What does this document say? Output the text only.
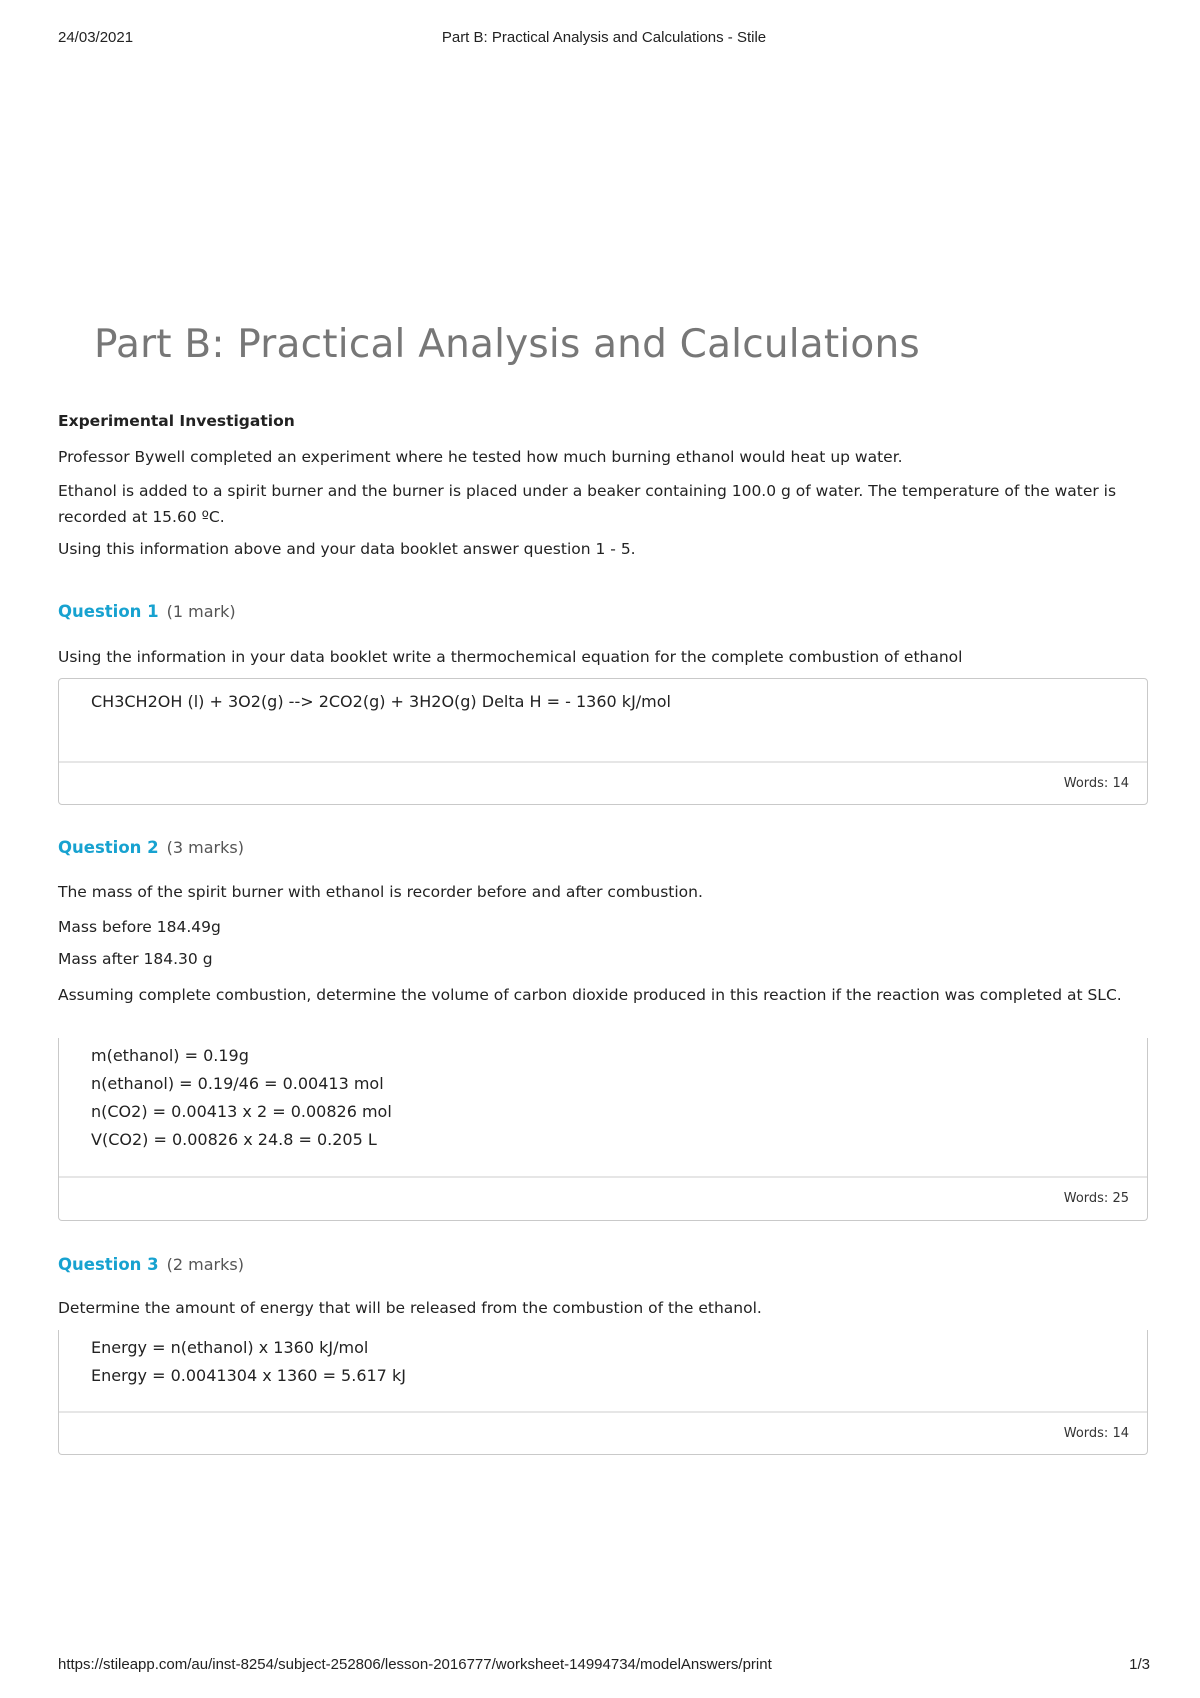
24/03/2021	Part B: Practical Analysis and Calculations - Stile
Part B: Practical Analysis and Calculations

Experimental Investigation

Professor Bywell completed an experiment where he tested how much burning ethanol would heat up water.

Ethanol is added to a spirit burner and the burner is placed under a beaker containing 100.0 g of water. The temperature of the water is recorded at 15.60 ºC.

Using this information above and your data booklet answer question 1 - 5.

Question 1 (1 mark)

Using the information in your data booklet write a thermochemical equation for the complete combustion of ethanol

CH3CH2OH (l) + 3O2(g) --> 2CO2(g) + 3H2O(g) Delta H = - 1360 kJ/mol
Words: 14
Question 2 (3 marks)

The mass of the spirit burner with ethanol is recorder before and after combustion.

Mass before 184.49g

Mass after 184.30 g

Assuming complete combustion, determine the volume of carbon dioxide produced in this reaction if the reaction was completed at SLC.

m(ethanol) = 0.19g
n(ethanol) = 0.19/46 = 0.00413 mol
n(CO2) = 0.00413 x 2 = 0.00826 mol
V(CO2) = 0.00826 x 24.8 = 0.205 L
Words: 25
Question 3 (2 marks)

Determine the amount of energy that will be released from the combustion of the ethanol.

Energy = n(ethanol) x 1360 kJ/mol
Energy = 0.0041304 x 1360 = 5.617 kJ
Words: 14
https://stileapp.com/au/inst-8254/subject-252806/lesson-2016777/worksheet-14994734/modelAnswers/print	1/3
